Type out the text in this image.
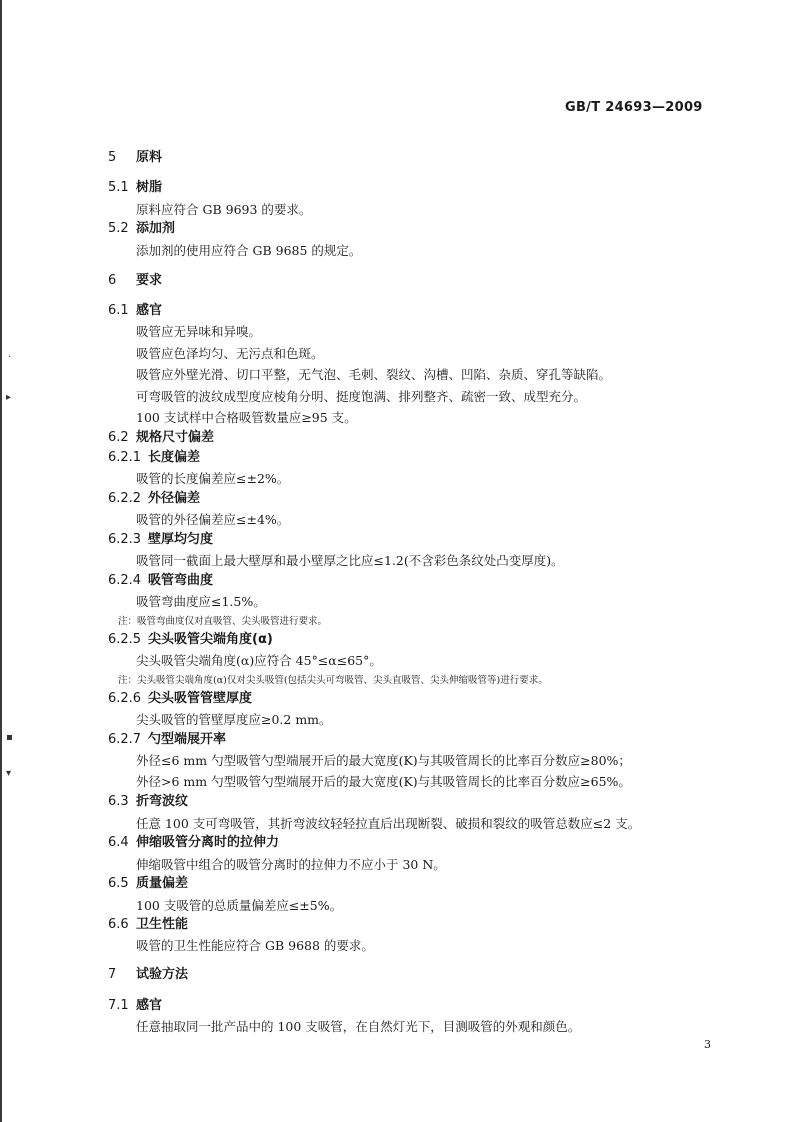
·
▸
▪
▾
GB/T 24693—2009
5 原料
5.1 树脂
原料应符合 GB 9693 的要求。
5.2 添加剂
添加剂的使用应符合 GB 9685 的规定。
6 要求
6.1 感官
吸管应无异味和异嗅。
吸管应色泽均匀、无污点和色斑。
吸管应外壁光滑、切口平整，无气泡、毛刺、裂纹、沟槽、凹陷、杂质、穿孔等缺陷。
可弯吸管的波纹成型度应棱角分明、挺度饱满、排列整齐、疏密一致、成型充分。
100 支试样中合格吸管数量应≥95 支。
6.2 规格尺寸偏差
6.2.1 长度偏差
吸管的长度偏差应≤±2%。
6.2.2 外径偏差
吸管的外径偏差应≤±4%。
6.2.3 壁厚均匀度
吸管同一截面上最大壁厚和最小壁厚之比应≤1.2(不含彩色条纹处凸变厚度)。
6.2.4 吸管弯曲度
吸管弯曲度应≤1.5%。
注：吸管弯曲度仅对直吸管、尖头吸管进行要求。
6.2.5 尖头吸管尖端角度(α)
尖头吸管尖端角度(α)应符合 45°≤α≤65°。
注：尖头吸管尖端角度(α)仅对尖头吸管(包括尖头可弯吸管、尖头直吸管、尖头伸缩吸管等)进行要求。
6.2.6 尖头吸管管壁厚度
尖头吸管的管壁厚度应≥0.2 mm。
6.2.7 勺型端展开率
外径≤6 mm 勺型吸管勺型端展开后的最大宽度(K)与其吸管周长的比率百分数应≥80%；
外径>6 mm 勺型吸管勺型端展开后的最大宽度(K)与其吸管周长的比率百分数应≥65%。
6.3 折弯波纹
任意 100 支可弯吸管，其折弯波纹轻轻拉直后出现断裂、破损和裂纹的吸管总数应≤2 支。
6.4 伸缩吸管分离时的拉伸力
伸缩吸管中组合的吸管分离时的拉伸力不应小于 30 N。
6.5 质量偏差
100 支吸管的总质量偏差应≤±5%。
6.6 卫生性能
吸管的卫生性能应符合 GB 9688 的要求。
7 试验方法
7.1 感官
任意抽取同一批产品中的 100 支吸管，在自然灯光下，目测吸管的外观和颜色。
3
